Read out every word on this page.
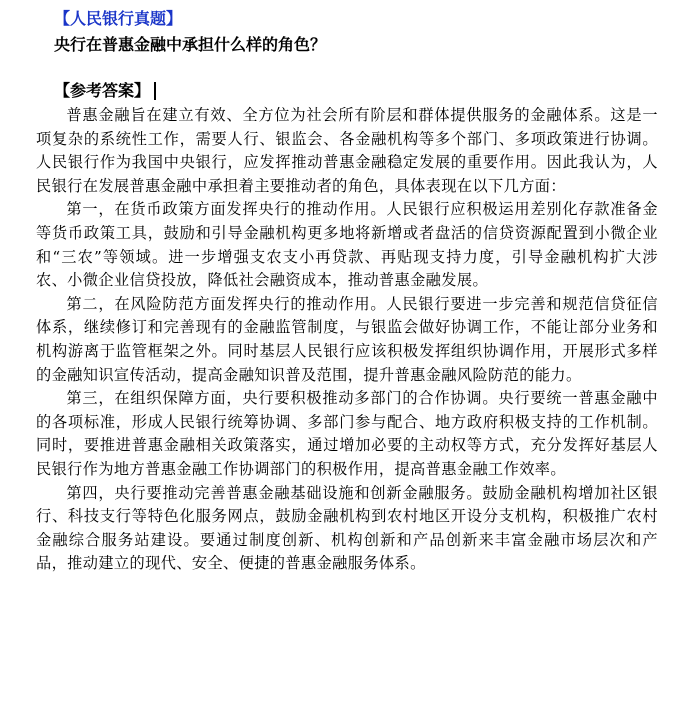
【人民银行真题】
央行在普惠金融中承担什么样的角色？
【参考答案】

普惠金融旨在建立有效、全方位为社会所有阶层和群体提供服务的金融体系。这是一项复杂的系统性工作，需要人行、银监会、各金融机构等多个部门、多项政策进行协调。人民银行作为我国中央银行，应发挥推动普惠金融稳定发展的重要作用。因此我认为，人民银行在发展普惠金融中承担着主要推动者的角色，具体表现在以下几方面：

第一，在货币政策方面发挥央行的推动作用。人民银行应积极运用差别化存款准备金等货币政策工具，鼓励和引导金融机构更多地将新增或者盘活的信贷资源配置到小微企业和“三农”等领域。进一步增强支农支小再贷款、再贴现支持力度，引导金融机构扩大涉农、小微企业信贷投放，降低社会融资成本，推动普惠金融发展。

第二，在风险防范方面发挥央行的推动作用。人民银行要进一步完善和规范信贷征信体系，继续修订和完善现有的金融监管制度，与银监会做好协调工作，不能让部分业务和机构游离于监管框架之外。同时基层人民银行应该积极发挥组织协调作用，开展形式多样的金融知识宣传活动，提高金融知识普及范围，提升普惠金融风险防范的能力。

第三，在组织保障方面，央行要积极推动多部门的合作协调。央行要统一普惠金融中的各项标准，形成人民银行统筹协调、多部门参与配合、地方政府积极支持的工作机制。同时，要推进普惠金融相关政策落实，通过增加必要的主动权等方式，充分发挥好基层人民银行作为地方普惠金融工作协调部门的积极作用，提高普惠金融工作效率。

第四，央行要推动完善普惠金融基础设施和创新金融服务。鼓励金融机构增加社区银行、科技支行等特色化服务网点，鼓励金融机构到农村地区开设分支机构，积极推广农村金融综合服务站建设。要通过制度创新、机构创新和产品创新来丰富金融市场层次和产品，推动建立的现代、安全、便捷的普惠金融服务体系。
